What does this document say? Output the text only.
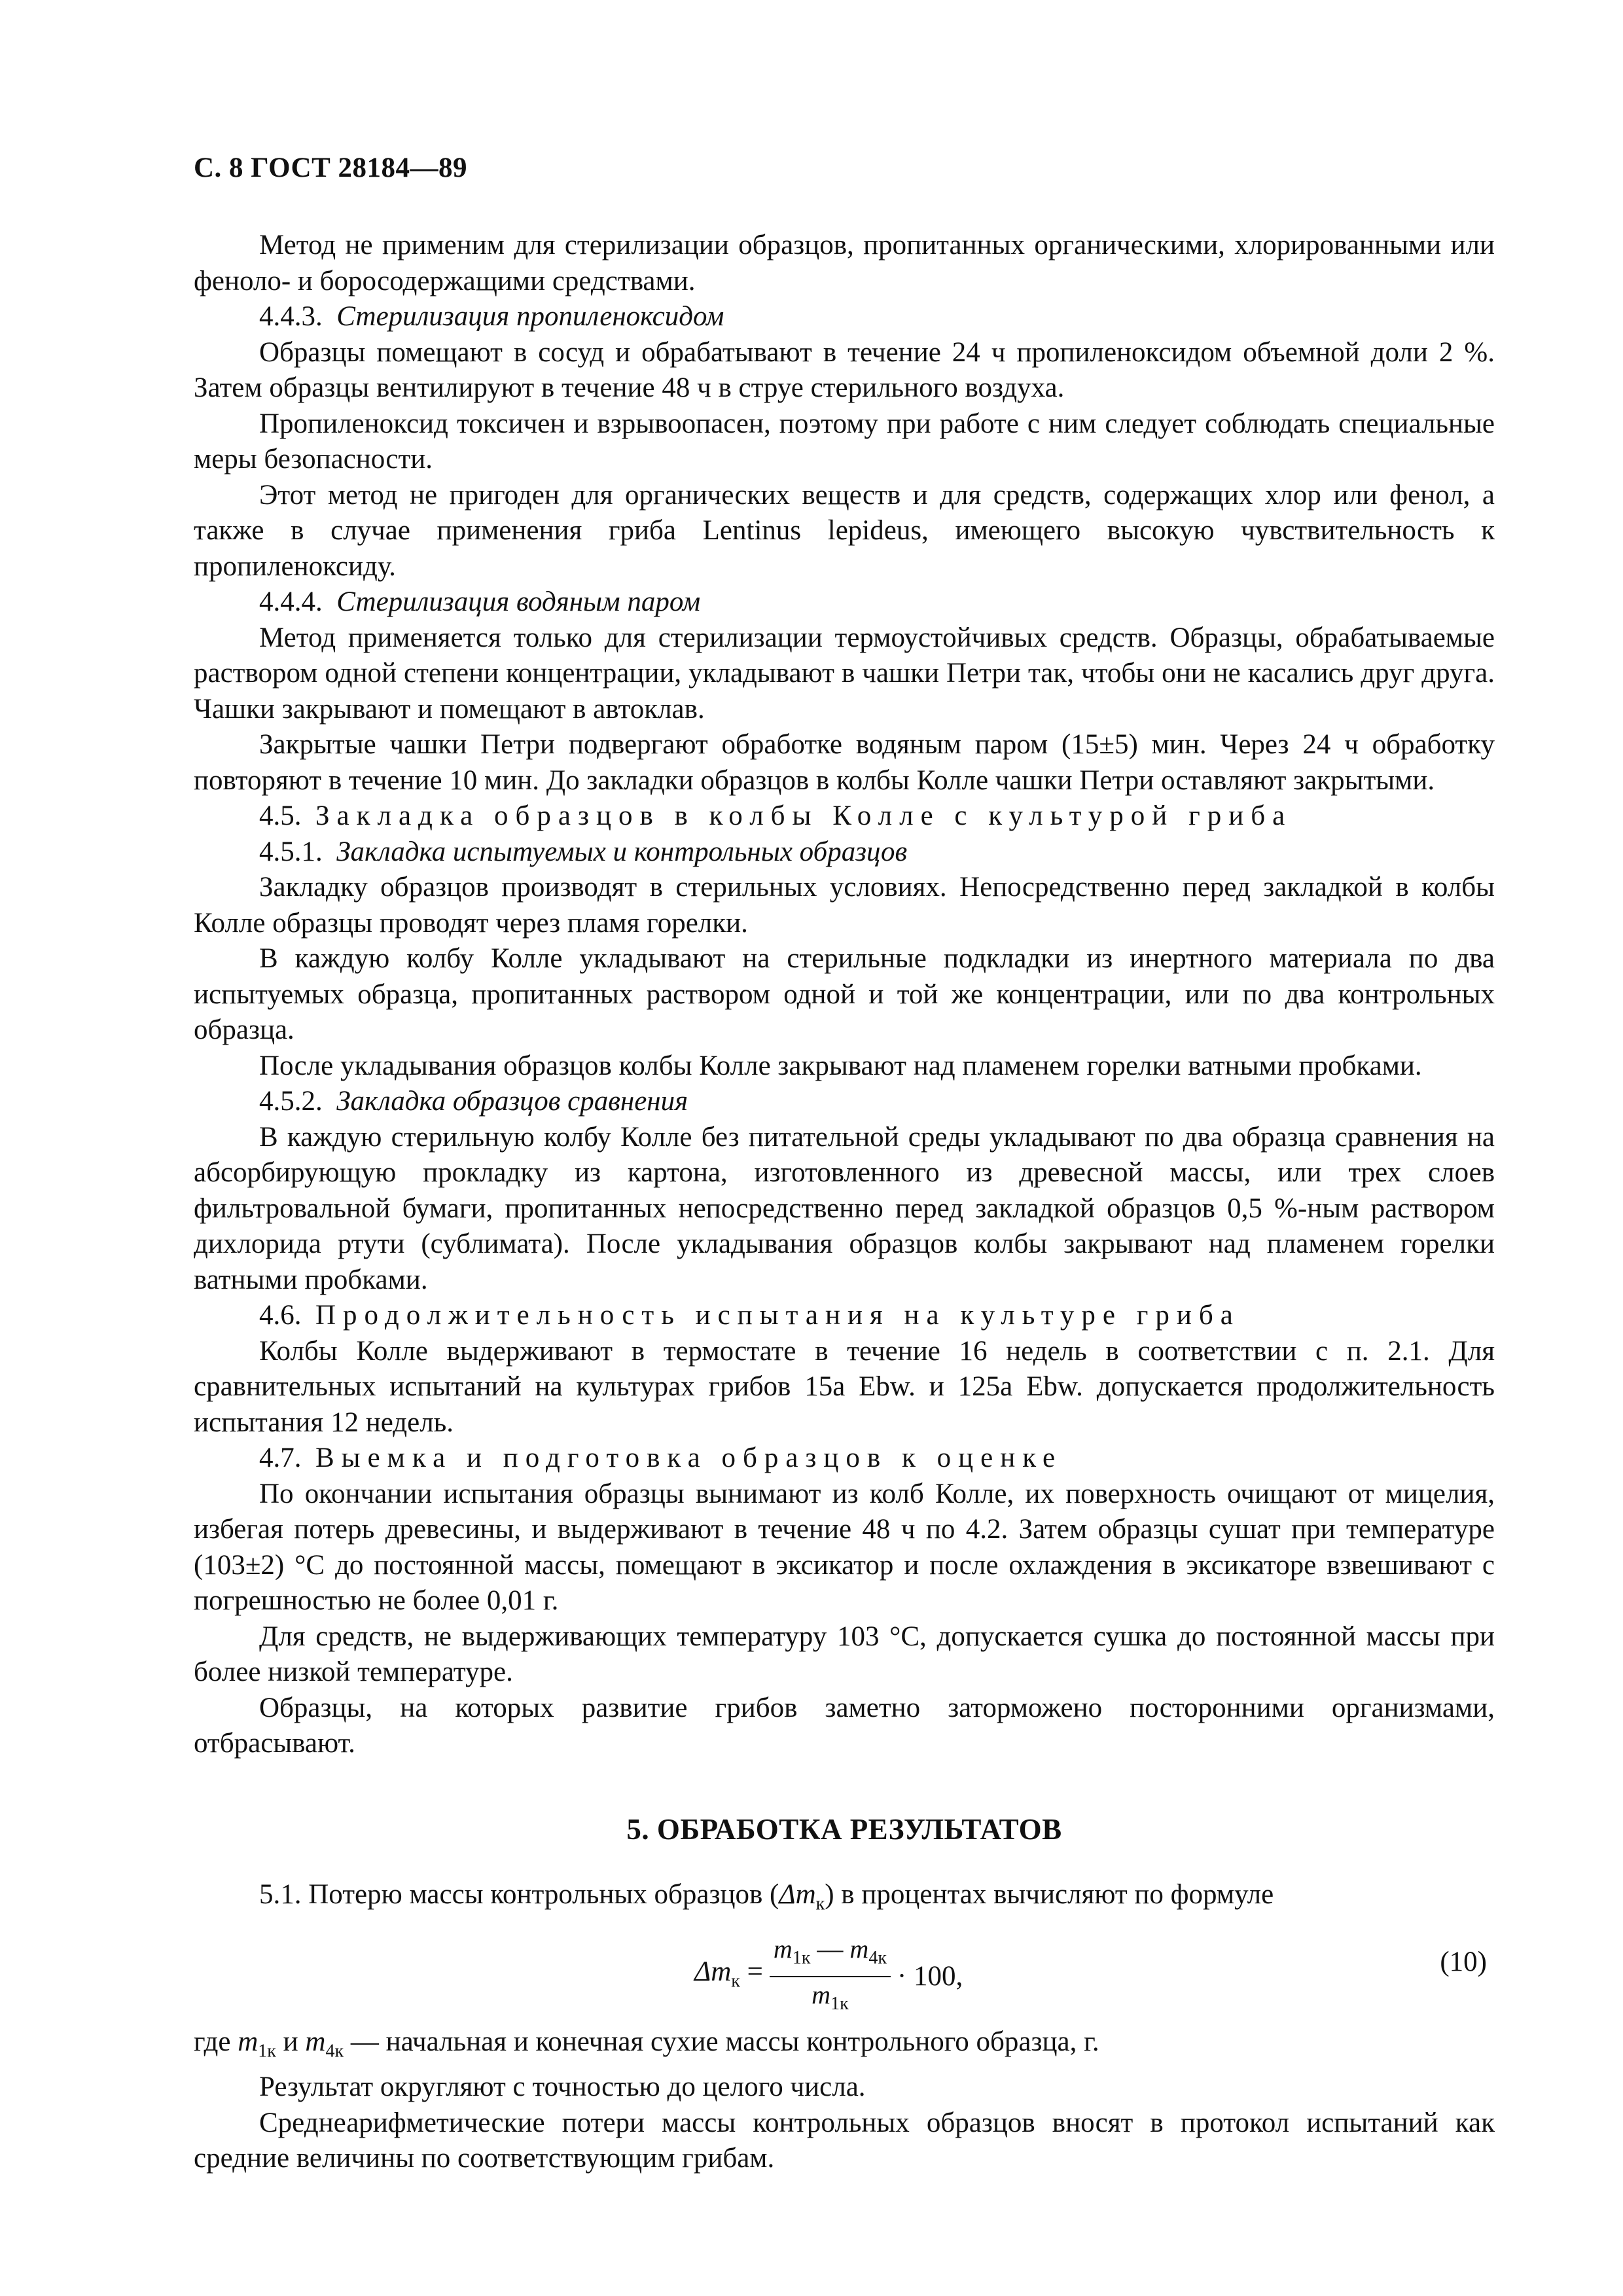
С. 8 ГОСТ 28184—89

Метод не применим для стерилизации образцов, пропитанных органическими, хлорированными или феноло- и боросодержащими средствами.

4.4.3. Стерилизация пропиленоксидом

Образцы помещают в сосуд и обрабатывают в течение 24 ч пропиленоксидом объемной доли 2 %. Затем образцы вентилируют в течение 48 ч в струе стерильного воздуха.

Пропиленоксид токсичен и взрывоопасен, поэтому при работе с ним следует соблюдать специальные меры безопасности.

Этот метод не пригоден для органических веществ и для средств, содержащих хлор или фенол, а также в случае применения гриба Lentinus lepideus, имеющего высокую чувствительность к пропиленоксиду.

4.4.4. Стерилизация водяным паром

Метод применяется только для стерилизации термоустойчивых средств. Образцы, обрабатываемые раствором одной степени концентрации, укладывают в чашки Петри так, чтобы они не касались друг друга. Чашки закрывают и помещают в автоклав.

Закрытые чашки Петри подвергают обработке водяным паром (15±5) мин. Через 24 ч обработку повторяют в течение 10 мин. До закладки образцов в колбы Колле чашки Петри оставляют закрытыми.

4.5. Закладка образцов в колбы Колле с культурой гриба

4.5.1. Закладка испытуемых и контрольных образцов

Закладку образцов производят в стерильных условиях. Непосредственно перед закладкой в колбы Колле образцы проводят через пламя горелки.

В каждую колбу Колле укладывают на стерильные подкладки из инертного материала по два испытуемых образца, пропитанных раствором одной и той же концентрации, или по два контрольных образца.

После укладывания образцов колбы Колле закрывают над пламенем горелки ватными пробками.

4.5.2. Закладка образцов сравнения

В каждую стерильную колбу Колле без питательной среды укладывают по два образца сравнения на абсорбирующую прокладку из картона, изготовленного из древесной массы, или трех слоев фильтровальной бумаги, пропитанных непосредственно перед закладкой образцов 0,5 %-ным раствором дихлорида ртути (сублимата). После укладывания образцов колбы закрывают над пламенем горелки ватными пробками.

4.6. Продолжительность испытания на культуре гриба

Колбы Колле выдерживают в термостате в течение 16 недель в соответствии с п. 2.1. Для сравнительных испытаний на культурах грибов 15a Ebw. и 125a Ebw. допускается продолжительность испытания 12 недель.

4.7. Выемка и подготовка образцов к оценке

По окончании испытания образцы вынимают из колб Колле, их поверхность очищают от мицелия, избегая потерь древесины, и выдерживают в течение 48 ч по 4.2. Затем образцы сушат при температуре (103±2) °С до постоянной массы, помещают в эксикатор и после охлаждения в эксикаторе взвешивают с погрешностью не более 0,01 г.

Для средств, не выдерживающих температуру 103 °С, допускается сушка до постоянной массы при более низкой температуре.

Образцы, на которых развитие грибов заметно заторможено посторонними организмами, отбрасывают.

5. ОБРАБОТКА РЕЗУЛЬТАТОВ

5.1. Потерю массы контрольных образцов $(\Delta m_к)$ в процентах вычисляют по формуле

$\Delta m_к = \frac{m_{1к} — m_{4к}}{m_{1к}} \cdot 100$,	(10)

где $m_{1к}$ и $m_{4к}$ — начальная и конечная сухие массы контрольного образца, г.

Результат округляют с точностью до целого числа.

Среднеарифметические потери массы контрольных образцов вносят в протокол испытаний как средние величины по соответствующим грибам.
